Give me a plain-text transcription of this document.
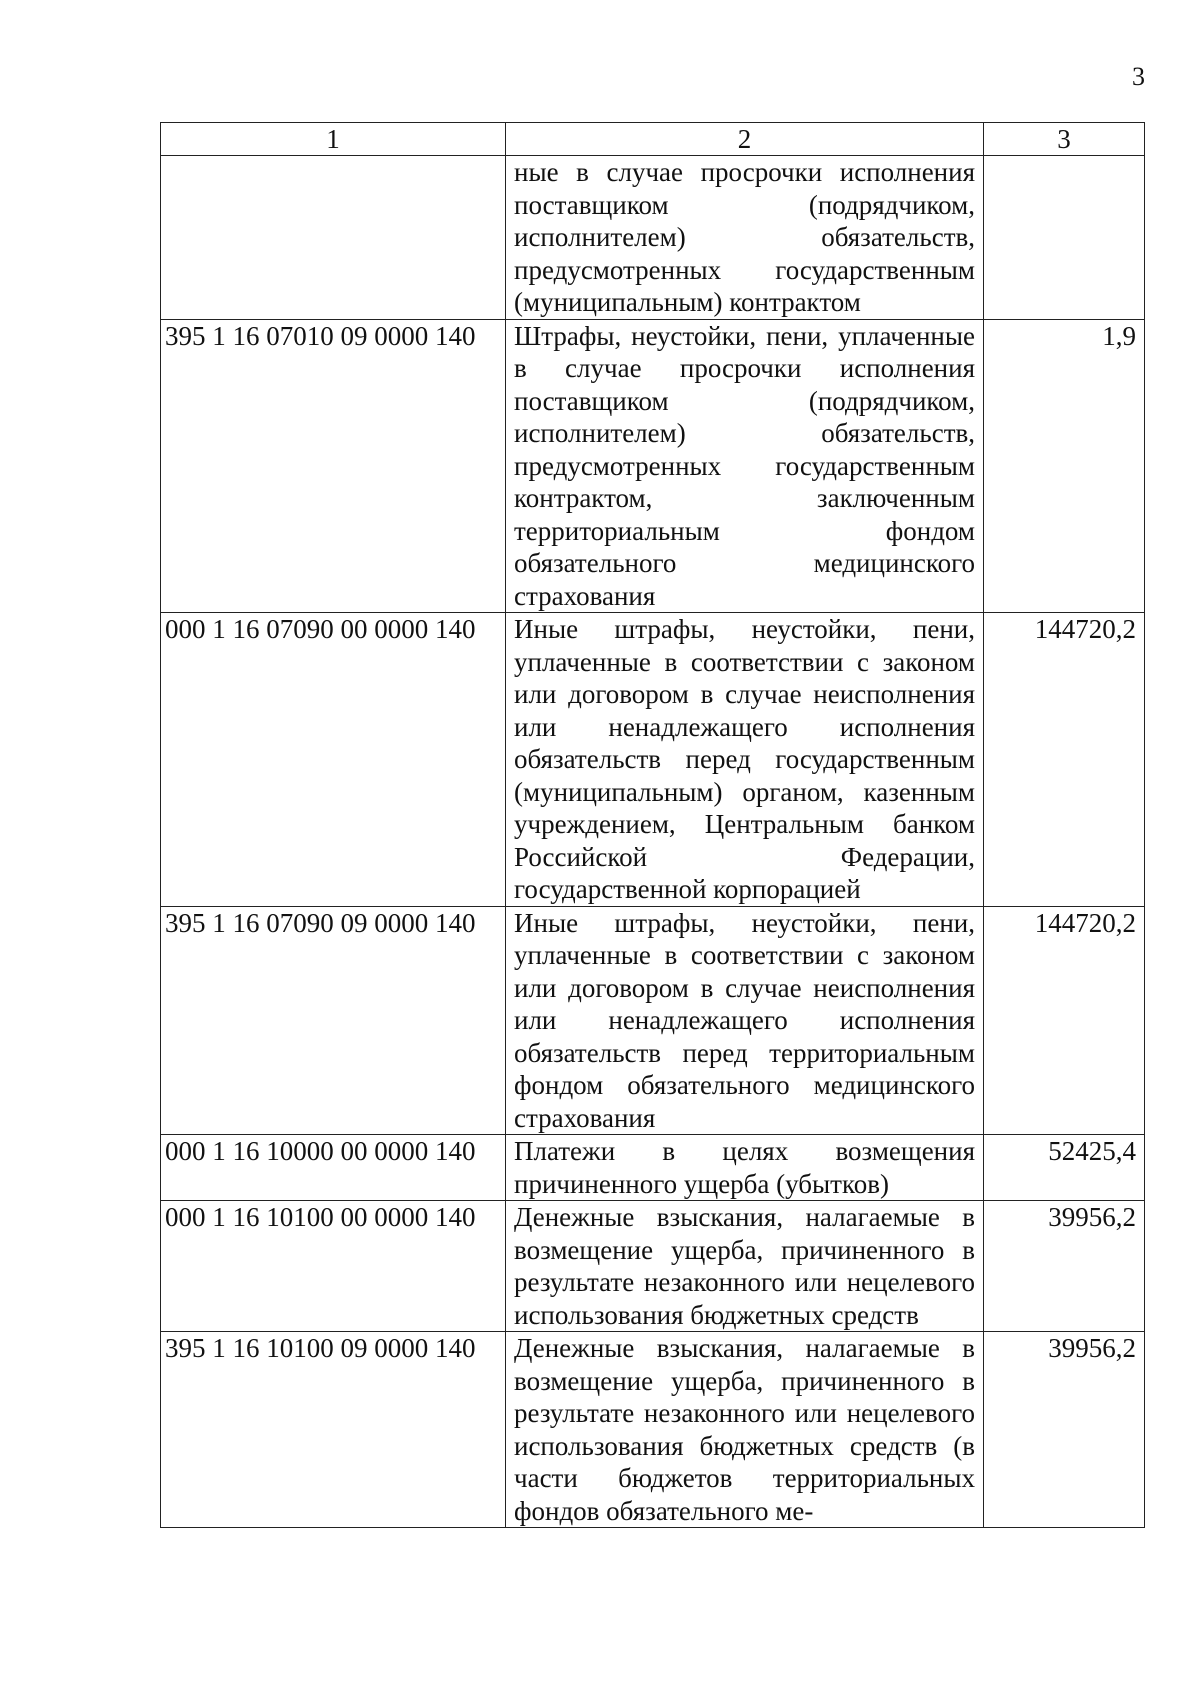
3
1	2	3
	ные в случае просрочки исполнения поставщиком (подрядчиком, исполнителем) обязательств, предусмотренных государственным (муниципальным) контрактом	
395 1 16 07010 09 0000 140	Штрафы, неустойки, пени, уплаченные в случае просрочки исполнения поставщиком (подрядчиком, исполнителем) обязательств, предусмотренных государственным контрактом, заключенным территориальным фондом обязательного медицинского страхования	1,9
000 1 16 07090 00 0000 140	Иные штрафы, неустойки, пени, уплаченные в соответствии с законом или договором в случае неисполнения или ненадлежащего исполнения обязательств перед государственным (муниципальным) органом, казенным учреждением, Центральным банком Российской Федерации, государственной корпорацией	144720,2
395 1 16 07090 09 0000 140	Иные штрафы, неустойки, пени, уплаченные в соответствии с законом или договором в случае неисполнения или ненадлежащего исполнения обязательств перед территориальным фондом обязательного медицинского страхования	144720,2
000 1 16 10000 00 0000 140	Платежи в целях возмещения причиненного ущерба (убытков)	52425,4
000 1 16 10100 00 0000 140	Денежные взыскания, налагаемые в возмещение ущерба, причиненного в результате незаконного или нецелевого использования бюджетных средств	39956,2
395 1 16 10100 09 0000 140	Денежные взыскания, налагаемые в возмещение ущерба, причиненного в результате незаконного или нецелевого использования бюджетных средств (в части бюджетов территориальных фондов обязательного ме-	39956,2
